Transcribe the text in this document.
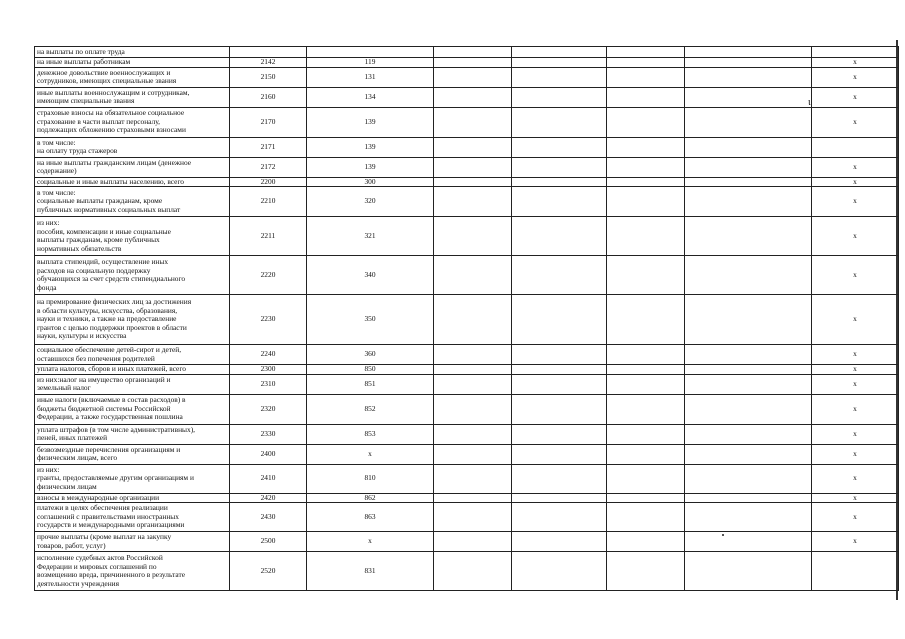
ι
на выплаты по оплате труда							
на иные выплаты работникам	2142	119					x
денежное довольствие военнослужащих и
сотрудников, имеющих специальные звания	2150	131					x
иные выплаты военнослужащим и сотрудникам,
имеющим специальные звания	2160	134					x
страховые взносы на обязательное социальное
страхование в части выплат персоналу,
подлежащих обложению страховыми взносами	2170	139					x
в том числе:
на оплату труда стажеров	2171	139					
на иные выплаты гражданским лицам (денежное
содержание)	2172	139					x
социальные и иные выплаты населению, всего	2200	300					x
в том числе:
социальные выплаты гражданам, кроме
публичных нормативных социальных выплат	2210	320					x
из них:
пособия, компенсации и иные социальные
выплаты гражданам, кроме публичных
нормативных обязательств	2211	321					x
выплата стипендий, осуществление иных
расходов на социальную поддержку
обучающихся за счет средств стипендиального
фонда	2220	340					x
на премирование физических лиц за достижения
в области культуры, искусства, образования,
науки и техники, а также на предоставление
грантов с целью поддержки проектов в области
науки, культуры и искусства	2230	350					x
социальное обеспечение детей-сирот и детей,
оставшихся без попечения родителей	2240	360					x
уплата налогов, сборов и иных платежей, всего	2300	850					x
из них:налог на имущество организаций и
земельный налог	2310	851					x
иные налоги (включаемые в состав расходов) в
бюджеты бюджетной системы Российской
Федерации, а также государственная пошлина	2320	852					x
уплата штрафов (в том числе административных),
пеней, иных платежей	2330	853					x
безвозмездные перечисления организациям и
физическим лицам, всего	2400	x					x
из них:
гранты, предоставляемые другим организациям и
физическим лицам	2410	810					x
взносы в международные организации	2420	862					x
платежи в целях обеспечения реализации
соглашений с правительствами иностранных
государств и международными организациями	2430	863					x
прочие выплаты (кроме выплат на закупку
товаров, работ, услуг)	2500	x					x
исполнение судебных актов Российской
Федерации и мировых соглашений по
возмещению вреда, причиненного в результате
деятельности учреждения	2520	831					
